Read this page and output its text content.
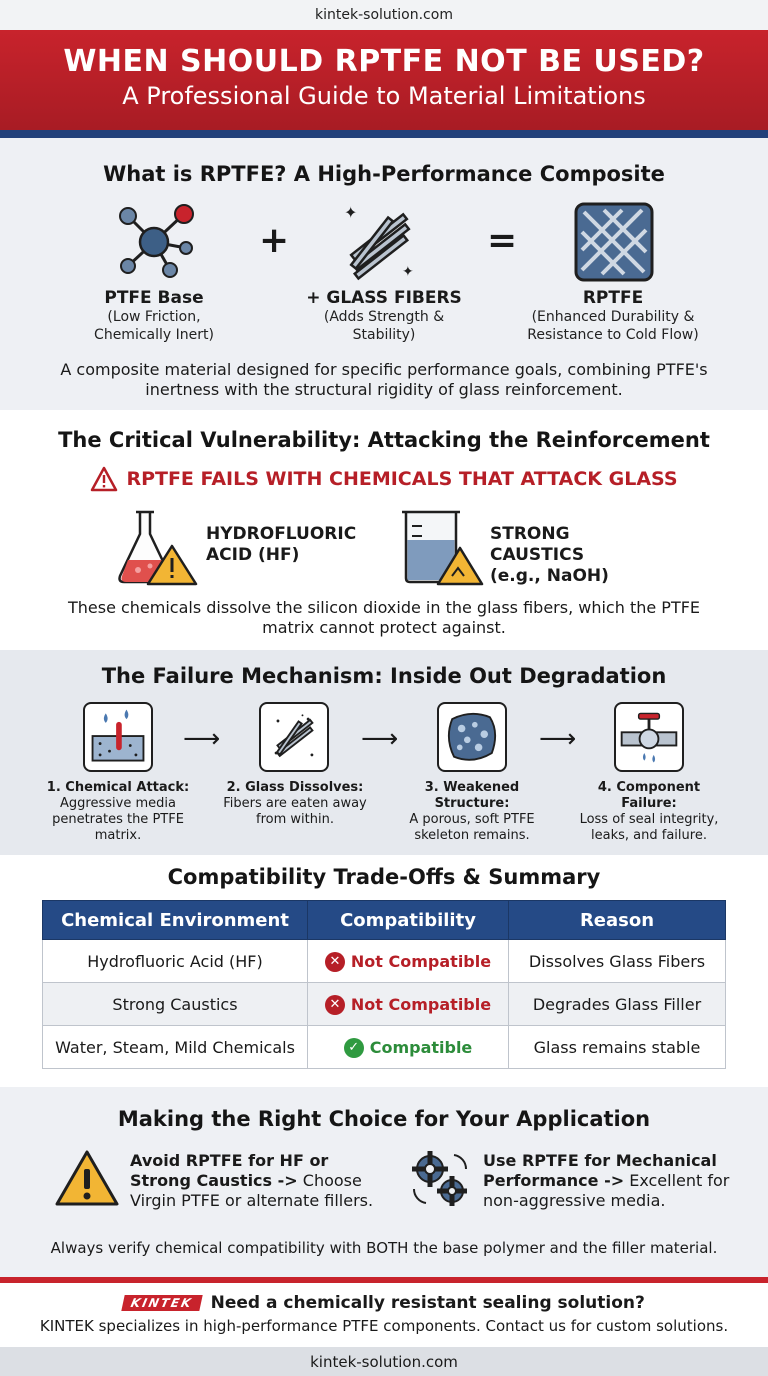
kintek-solution.com
WHEN SHOULD RPTFE NOT BE USED?
A Professional Guide to Material Limitations
What is RPTFE? A High-Performance Composite
+
✦
✦
=
PTFE Base
(Low Friction,
Chemically Inert)
+ GLASS FIBERS
(Adds Strength &
Stability)
RPTFE
(Enhanced Durability &
Resistance to Cold Flow)
A composite material designed for specific performance goals, combining PTFE's inertness with the structural rigidity of glass reinforcement.
The Critical Vulnerability: Attacking the Reinforcement
RPTFE FAILS WITH CHEMICALS THAT ATTACK GLASS
HYDROFLUORIC
ACID (HF)
STRONG CAUSTICS
(e.g., NaOH)
These chemicals dissolve the silicon dioxide in the glass fibers, which the PTFE matrix cannot protect against.
The Failure Mechanism: Inside Out Degradation
⟶	⟶	⟶
1. Chemical Attack:
Aggressive media penetrates the PTFE matrix.
2. Glass Dissolves:
Fibers are eaten away from within.
3. Weakened Structure:
A porous, soft PTFE skeleton remains.
4. Component Failure:
Loss of seal integrity, leaks, and failure.
Compatibility Trade-Offs & Summary
Chemical Environment	Compatibility	Reason
Hydrofluoric Acid (HF)	✕ Not Compatible	Dissolves Glass Fibers
Strong Caustics	✕ Not Compatible	Degrades Glass Filler
Water, Steam, Mild Chemicals	✓ Compatible	Glass remains stable
Making the Right Choice for Your Application
Avoid RPTFE for HF or
Strong Caustics -> Choose
Virgin PTFE or alternate fillers.
Use RPTFE for Mechanical
Performance -> Excellent for
non-aggressive media.
Always verify chemical compatibility with BOTH the base polymer and the filler material.
KINTEK Need a chemically resistant sealing solution?
KINTEK specializes in high-performance PTFE components. Contact us for custom solutions.
kintek-solution.com
